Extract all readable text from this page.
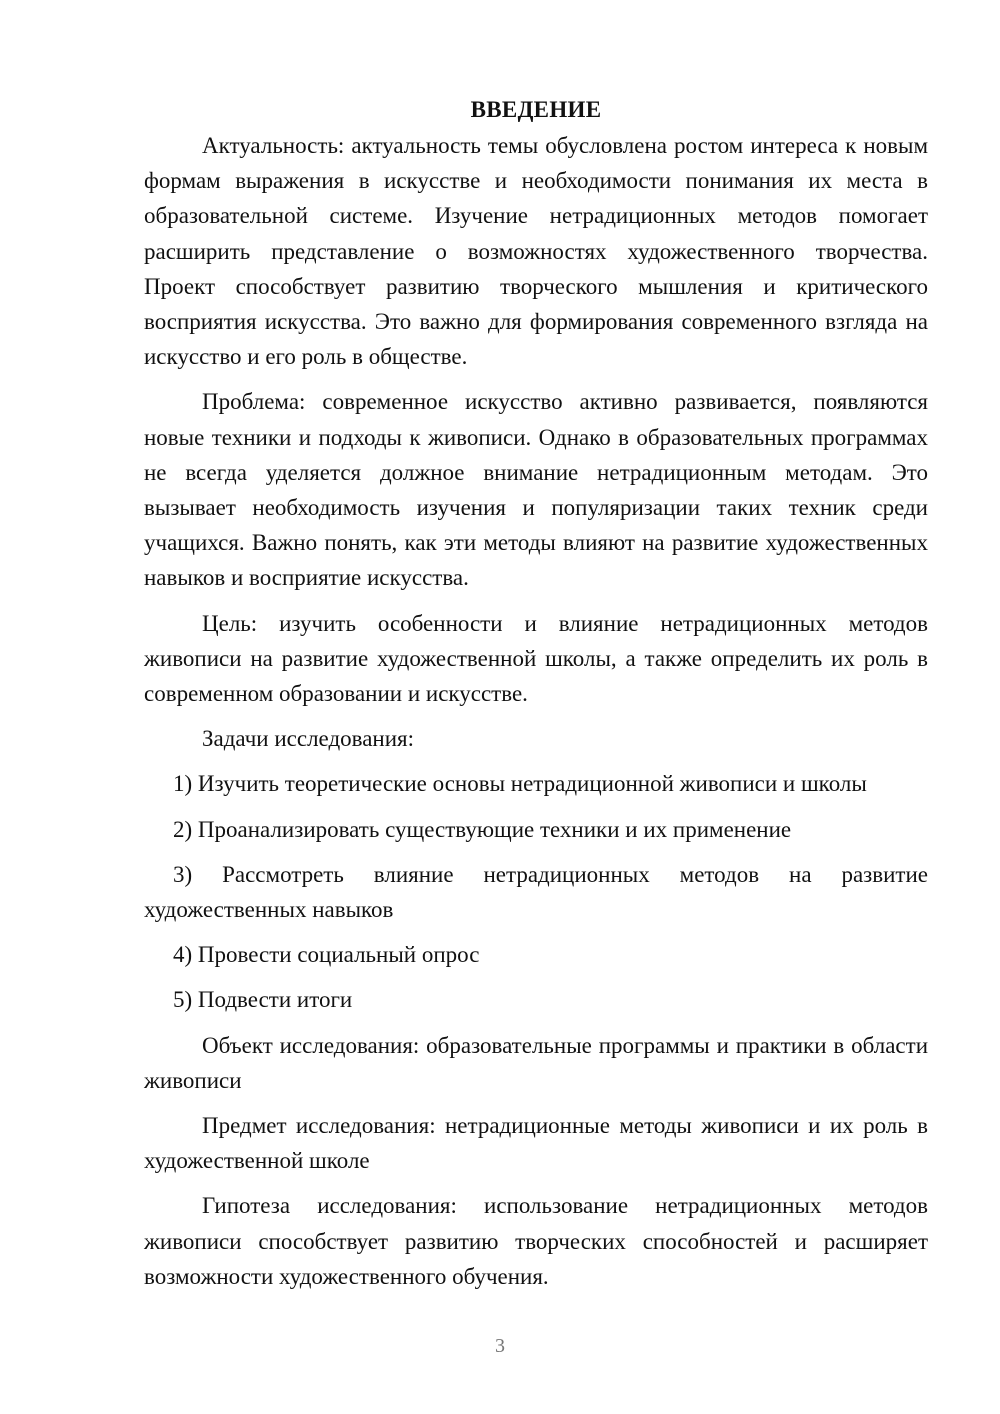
ВВЕДЕНИЕ

Актуальность: актуальность темы обусловлена ростом интереса к новым формам выражения в искусстве и необходимости понимания их места в образовательной системе. Изучение нетрадиционных методов помогает расширить представление о возможностях художественного творчества. Проект способствует развитию творческого мышления и критического восприятия искусства. Это важно для формирования современного взгляда на искусство и его роль в обществе.

Проблема: современное искусство активно развивается, появляются новые техники и подходы к живописи. Однако в образовательных программах не всегда уделяется должное внимание нетрадиционным методам. Это вызывает необходимость изучения и популяризации таких техник среди учащихся. Важно понять, как эти методы влияют на развитие художественных навыков и восприятие искусства.

Цель: изучить особенности и влияние нетрадиционных методов живописи на развитие художественной школы, а также определить их роль в современном образовании и искусстве.

Задачи исследования:

1) Изучить теоретические основы нетрадиционной живописи и школы

2) Проанализировать существующие техники и их применение

3) Рассмотреть влияние нетрадиционных методов на развитие художественных навыков

4) Провести социальный опрос

5) Подвести итоги

Объект исследования: образовательные программы и практики в области живописи

Предмет исследования: нетрадиционные методы живописи и их роль в художественной школе

Гипотеза исследования: использование нетрадиционных методов живописи способствует развитию творческих способностей и расширяет возможности художественного обучения.

3
